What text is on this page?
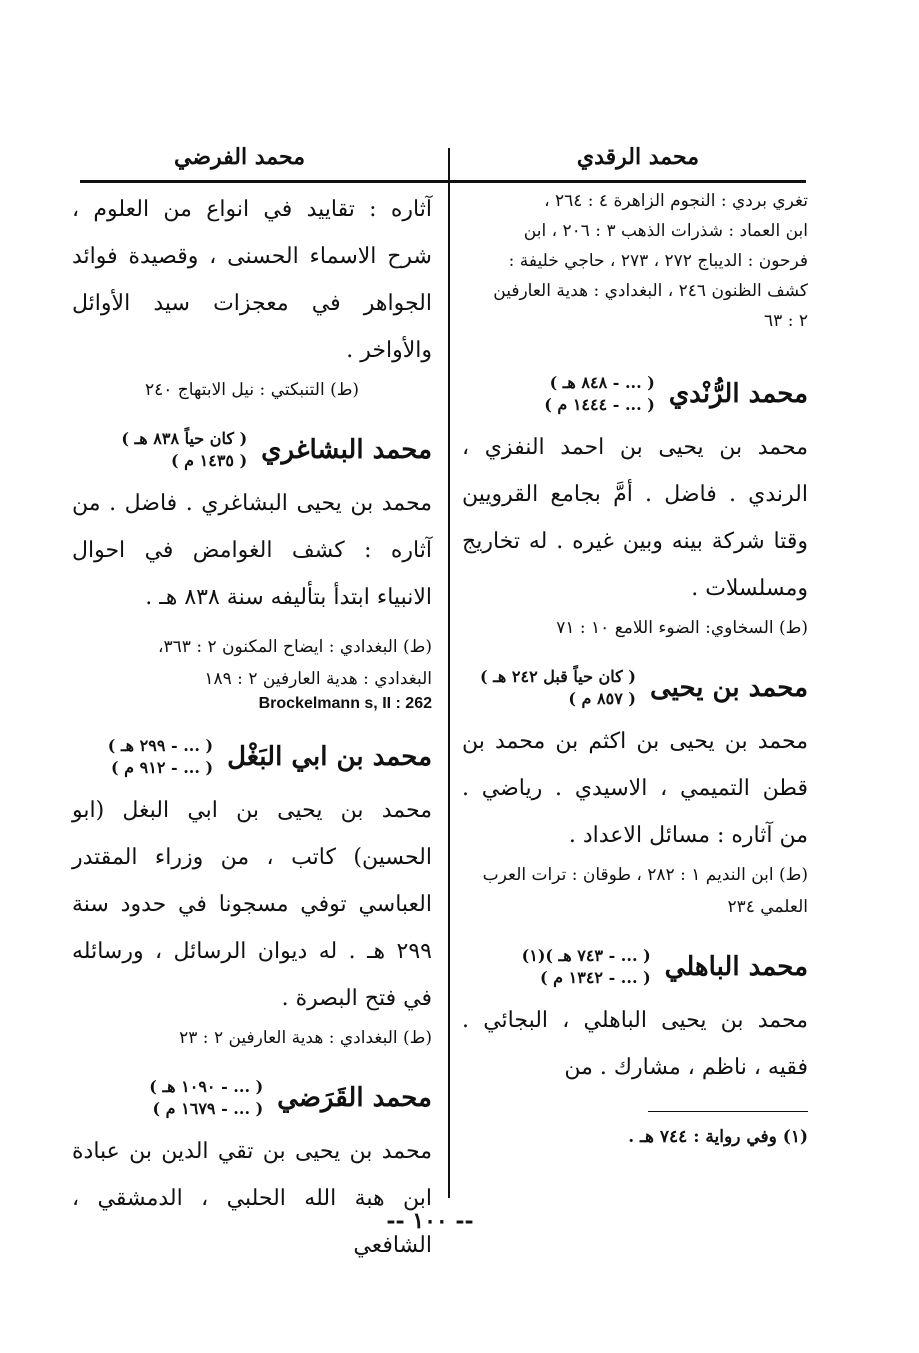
محمد الرقدي
محمد الفرضي
تغري بردي : النجوم الزاهرة ٤ : ٢٦٤ ،
ابن العماد : شذرات الذهب ٣ : ٢٠٦ ، ابن
فرحون : الديباج ٢٧٢ ، ٢٧٣ ، حاجي خليفة :
كشف الظنون ٢٤٦ ، البغدادي : هدية العارفين
٢ : ٦٣
محمد الرُّنْدي
( ... - ٨٤٨ هـ )
( ... - ١٤٤٤ م )

محمد بن يحيى بن احمد النفزي ، الرندي . فاضل . أمَّ بجامع القرويين وقتا شركة بينه وبين غيره . له تخاريج ومسلسلات .

(ط) السخاوي: الضوء اللامع ١٠ : ٧١

محمد بن يحيى
( كان حياً قبل ٢٤٢ هـ )
( ٨٥٧ م )

محمد بن يحيى بن اكثم بن محمد بن قطن التميمي ، الاسيدي . رياضي . من آثاره : مسائل الاعداد .

(ط) ابن النديم ١ : ٢٨٢ ، طوقان : ترات العرب العلمي ٢٣٤

محمد الباهلي
( ... - ٧٤٣ هـ )(١)
( ... - ١٣٤٢ م )

محمد بن يحيى الباهلي ، البجائي . فقيه ، ناظم ، مشارك . من

(١) وفي رواية : ٧٤٤ هـ .

آثاره : تقاييد في انواع من العلوم ، شرح الاسماء الحسنى ، وقصيدة فوائد الجواهر في معجزات سيد الأوائل والأواخر .

(ط) التنبكتي : نيل الابتهاج ٢٤٠

محمد البشاغري
( كان حياً ٨٣٨ هـ )
( ١٤٣٥ م )

محمد بن يحيى البشاغري . فاضل . من آثاره : كشف الغوامض في احوال الانبياء ابتدأ بتأليفه سنة ٨٣٨ هـ .

(ط) البغدادي : ايضاح المكنون ٢ : ٣٦٣،
البغدادي : هدية العارفين ٢ : ١٨٩
Brockelmann s, II : 262
محمد بن ابي البَغْل
( ... - ٢٩٩ هـ )
( ... - ٩١٢ م )

محمد بن يحيى بن ابي البغل (ابو الحسين) كاتب ، من وزراء المقتدر العباسي توفي مسجونا في حدود سنة ٢٩٩ هـ . له ديوان الرسائل ، ورسائله في فتح البصرة .

(ط) البغدادي : هدية العارفين ٢ : ٢٣

محمد القَرَضي
( ... - ١٠٩٠ هـ )
( ... - ١٦٧٩ م )

محمد بن يحيى بن تقي الدين بن عبادة ابن هبة الله الحلبي ، الدمشقي ، الشافعي

-- ١٠٠ --
